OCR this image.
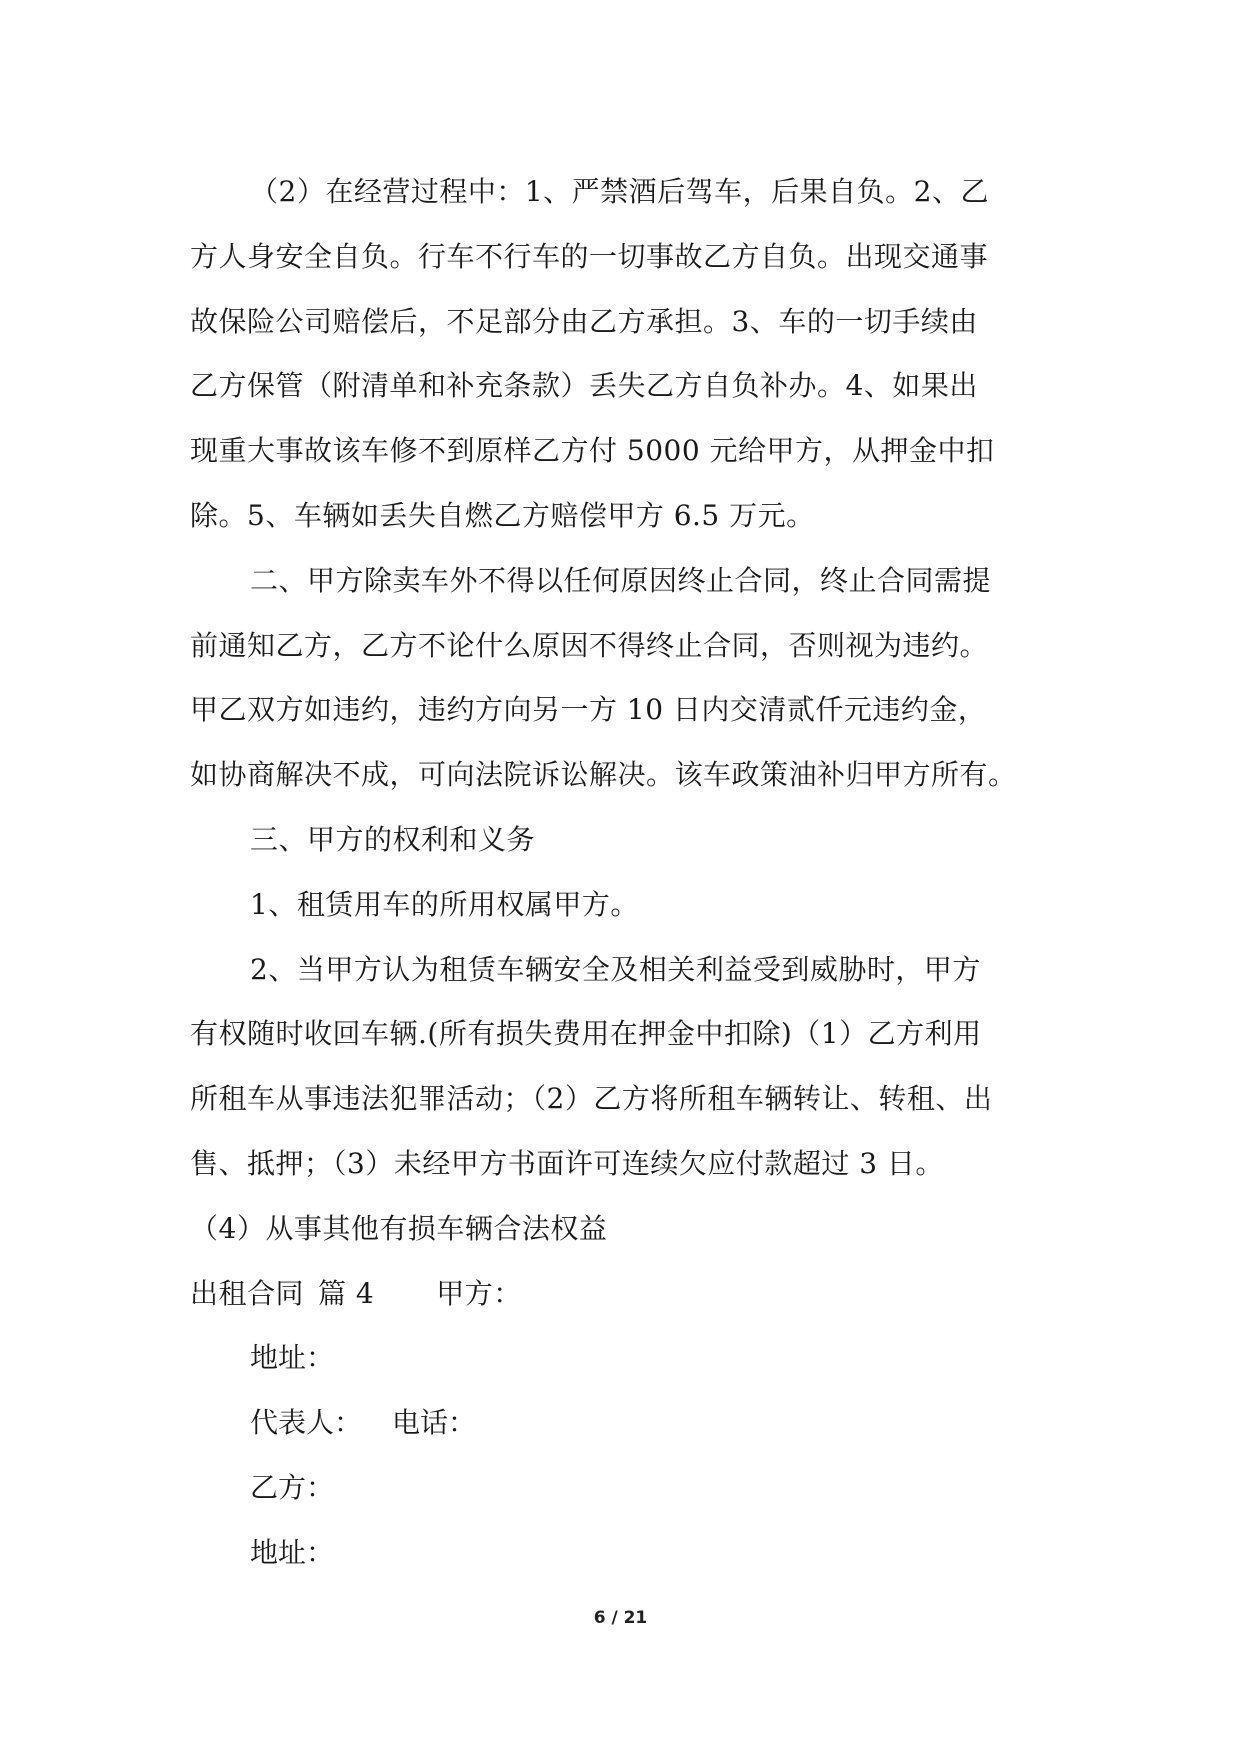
（2）在经营过程中：1、严禁酒后驾车，后果自负。2、乙
方人身安全自负。行车不行车的一切事故乙方自负。出现交通事
故保险公司赔偿后，不足部分由乙方承担。3、车的一切手续由
乙方保管（附清单和补充条款）丢失乙方自负补办。4、如果出
现重大事故该车修不到原样乙方付 5000 元给甲方，从押金中扣
除。5、车辆如丢失自燃乙方赔偿甲方 6.5 万元。
二、甲方除卖车外不得以任何原因终止合同，终止合同需提
前通知乙方，乙方不论什么原因不得终止合同，否则视为违约。
甲乙双方如违约，违约方向另一方 10 日内交清贰仟元违约金，
如协商解决不成，可向法院诉讼解决。该车政策油补归甲方所有。
三、甲方的权利和义务
1、租赁用车的所用权属甲方。
2、当甲方认为租赁车辆安全及相关利益受到威胁时，甲方
有权随时收回车辆.(所有损失费用在押金中扣除)（1）乙方利用
所租车从事违法犯罪活动；（2）乙方将所租车辆转让、转租、出
售、抵押；（3）未经甲方书面许可连续欠应付款超过 3 日。
（4）从事其他有损车辆合法权益
出租合同 篇 4 甲方：
地址：
代表人： 电话：
乙方：
地址：
6 / 21
